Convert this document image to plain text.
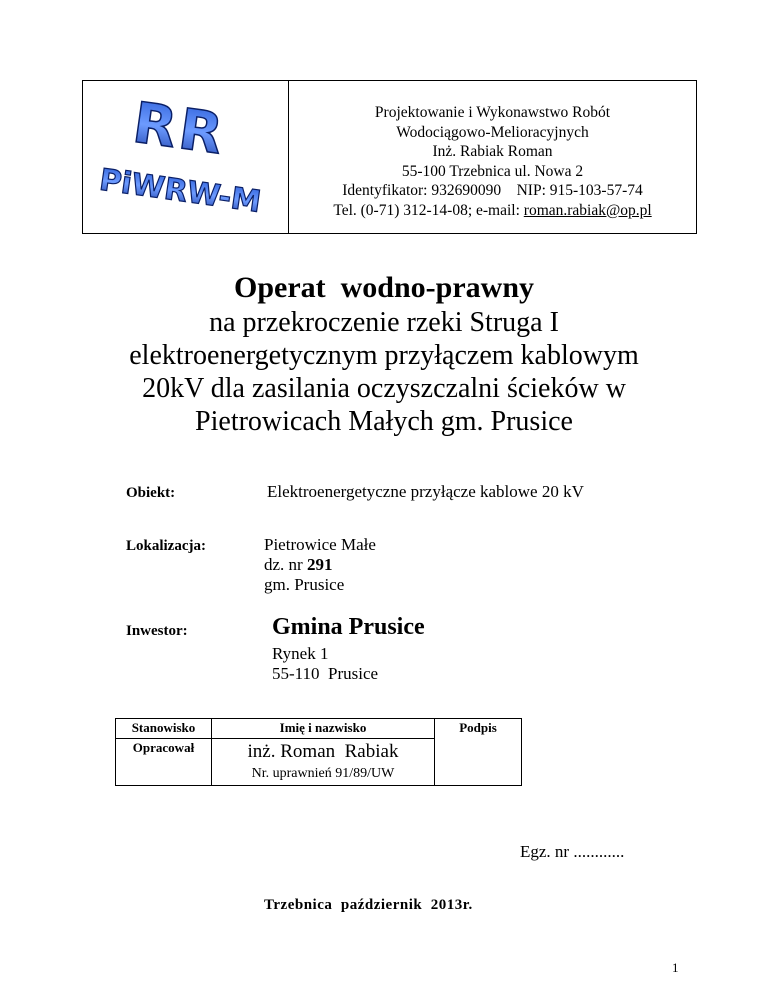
RR
PiWRW-M
Projektowanie i Wykonawstwo Robót
Wodociągowo-Melioracyjnych
Inż. Rabiak Roman
55-100 Trzebnica ul. Nowa 2
Identyfikator: 932690090    NIP: 915-103-57-74
Tel. (0-71) 312-14-08; e-mail: roman.rabiak@op.pl
Operat  wodno-prawny
na przekroczenie rzeki Struga I
elektroenergetycznym przyłączem kablowym
20kV dla zasilania oczyszczalni ścieków w
Pietrowicach Małych gm. Prusice
Obiekt:	Elektroenergetyczne przyłącze kablowe 20 kV
Lokalizacja:	Pietrowice Małe
dz. nr 291
gm. Prusice
Inwestor:	Gmina Prusice
Rynek 1
55-110  Prusice
Stanowisko	Imię i nazwisko	Podpis
Opracował	inż. Roman  Rabiak
Nr. uprawnień 91/89/UW	
Egz. nr ............
Trzebnica  październik  2013r.
1
